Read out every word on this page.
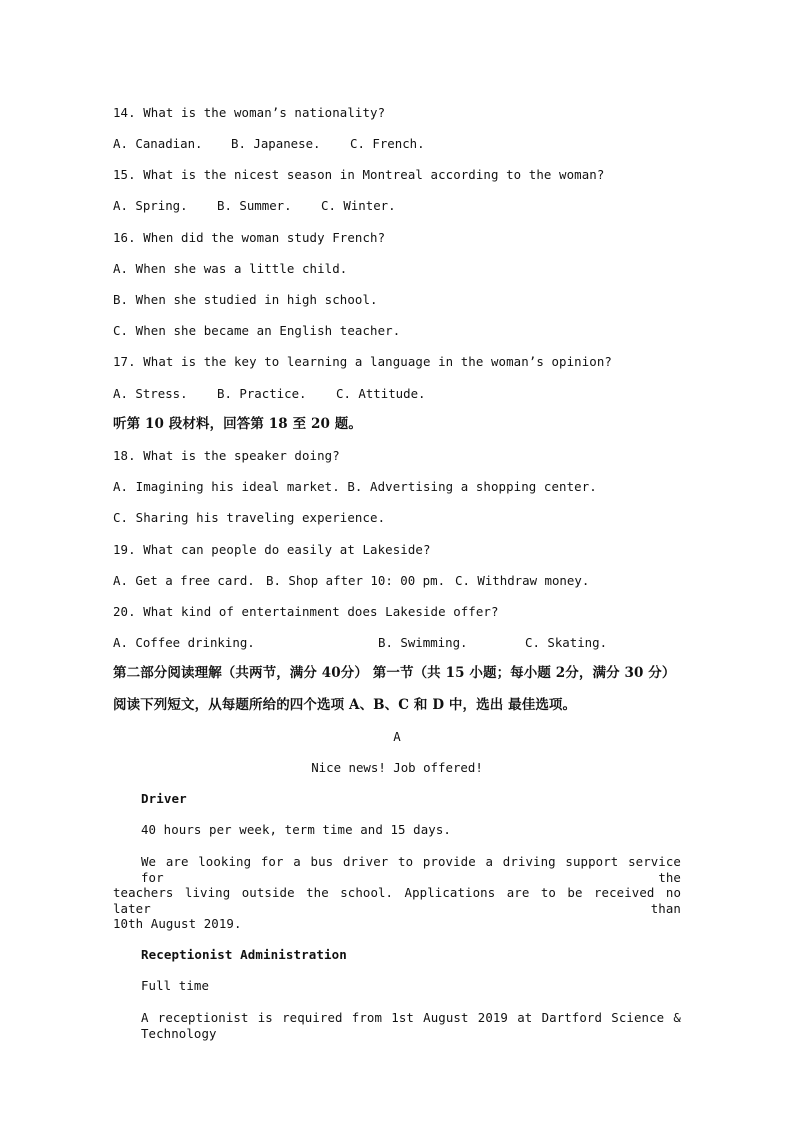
14. What is the woman’s nationality?
A. Canadian. B. Japanese. C. French.
15. What is the nicest season in Montreal according to the woman?
A. Spring. B. Summer. C. Winter.
16. When did the woman study French?
A. When she was a little child.
B. When she studied in high school.
C. When she became an English teacher.
17. What is the key to learning a language in the woman’s opinion?
A. Stress. B. Practice. C. Attitude.
听第 10 段材料，回答第 18 至 20 题。
18. What is the speaker doing?
A. Imagining his ideal market. B. Advertising a shopping center.
C. Sharing his traveling experience.
19. What can people do easily at Lakeside?
A. Get a free card. B. Shop after 10: 00 pm. C. Withdraw money.
20. What kind of entertainment does Lakeside offer?
A. Coffee drinking.	B. Swimming.	C. Skating.
第二部分阅读理解（共两节，满分 40分） 第一节（共 15 小题；每小题 2分，满分 30 分）
阅读下列短文，从每题所给的四个选项 A、B、C 和 D 中，选出 最佳选项。
A
Nice news! Job offered!
Driver
40 hours per week, term time and 15 days.
We are looking for a bus driver to provide a driving support service for the
teachers living outside the school. Applications are to be received no later than
10th August 2019.
Receptionist Administration
Full time
A receptionist is required from 1st August 2019 at Dartford Science & Technology
